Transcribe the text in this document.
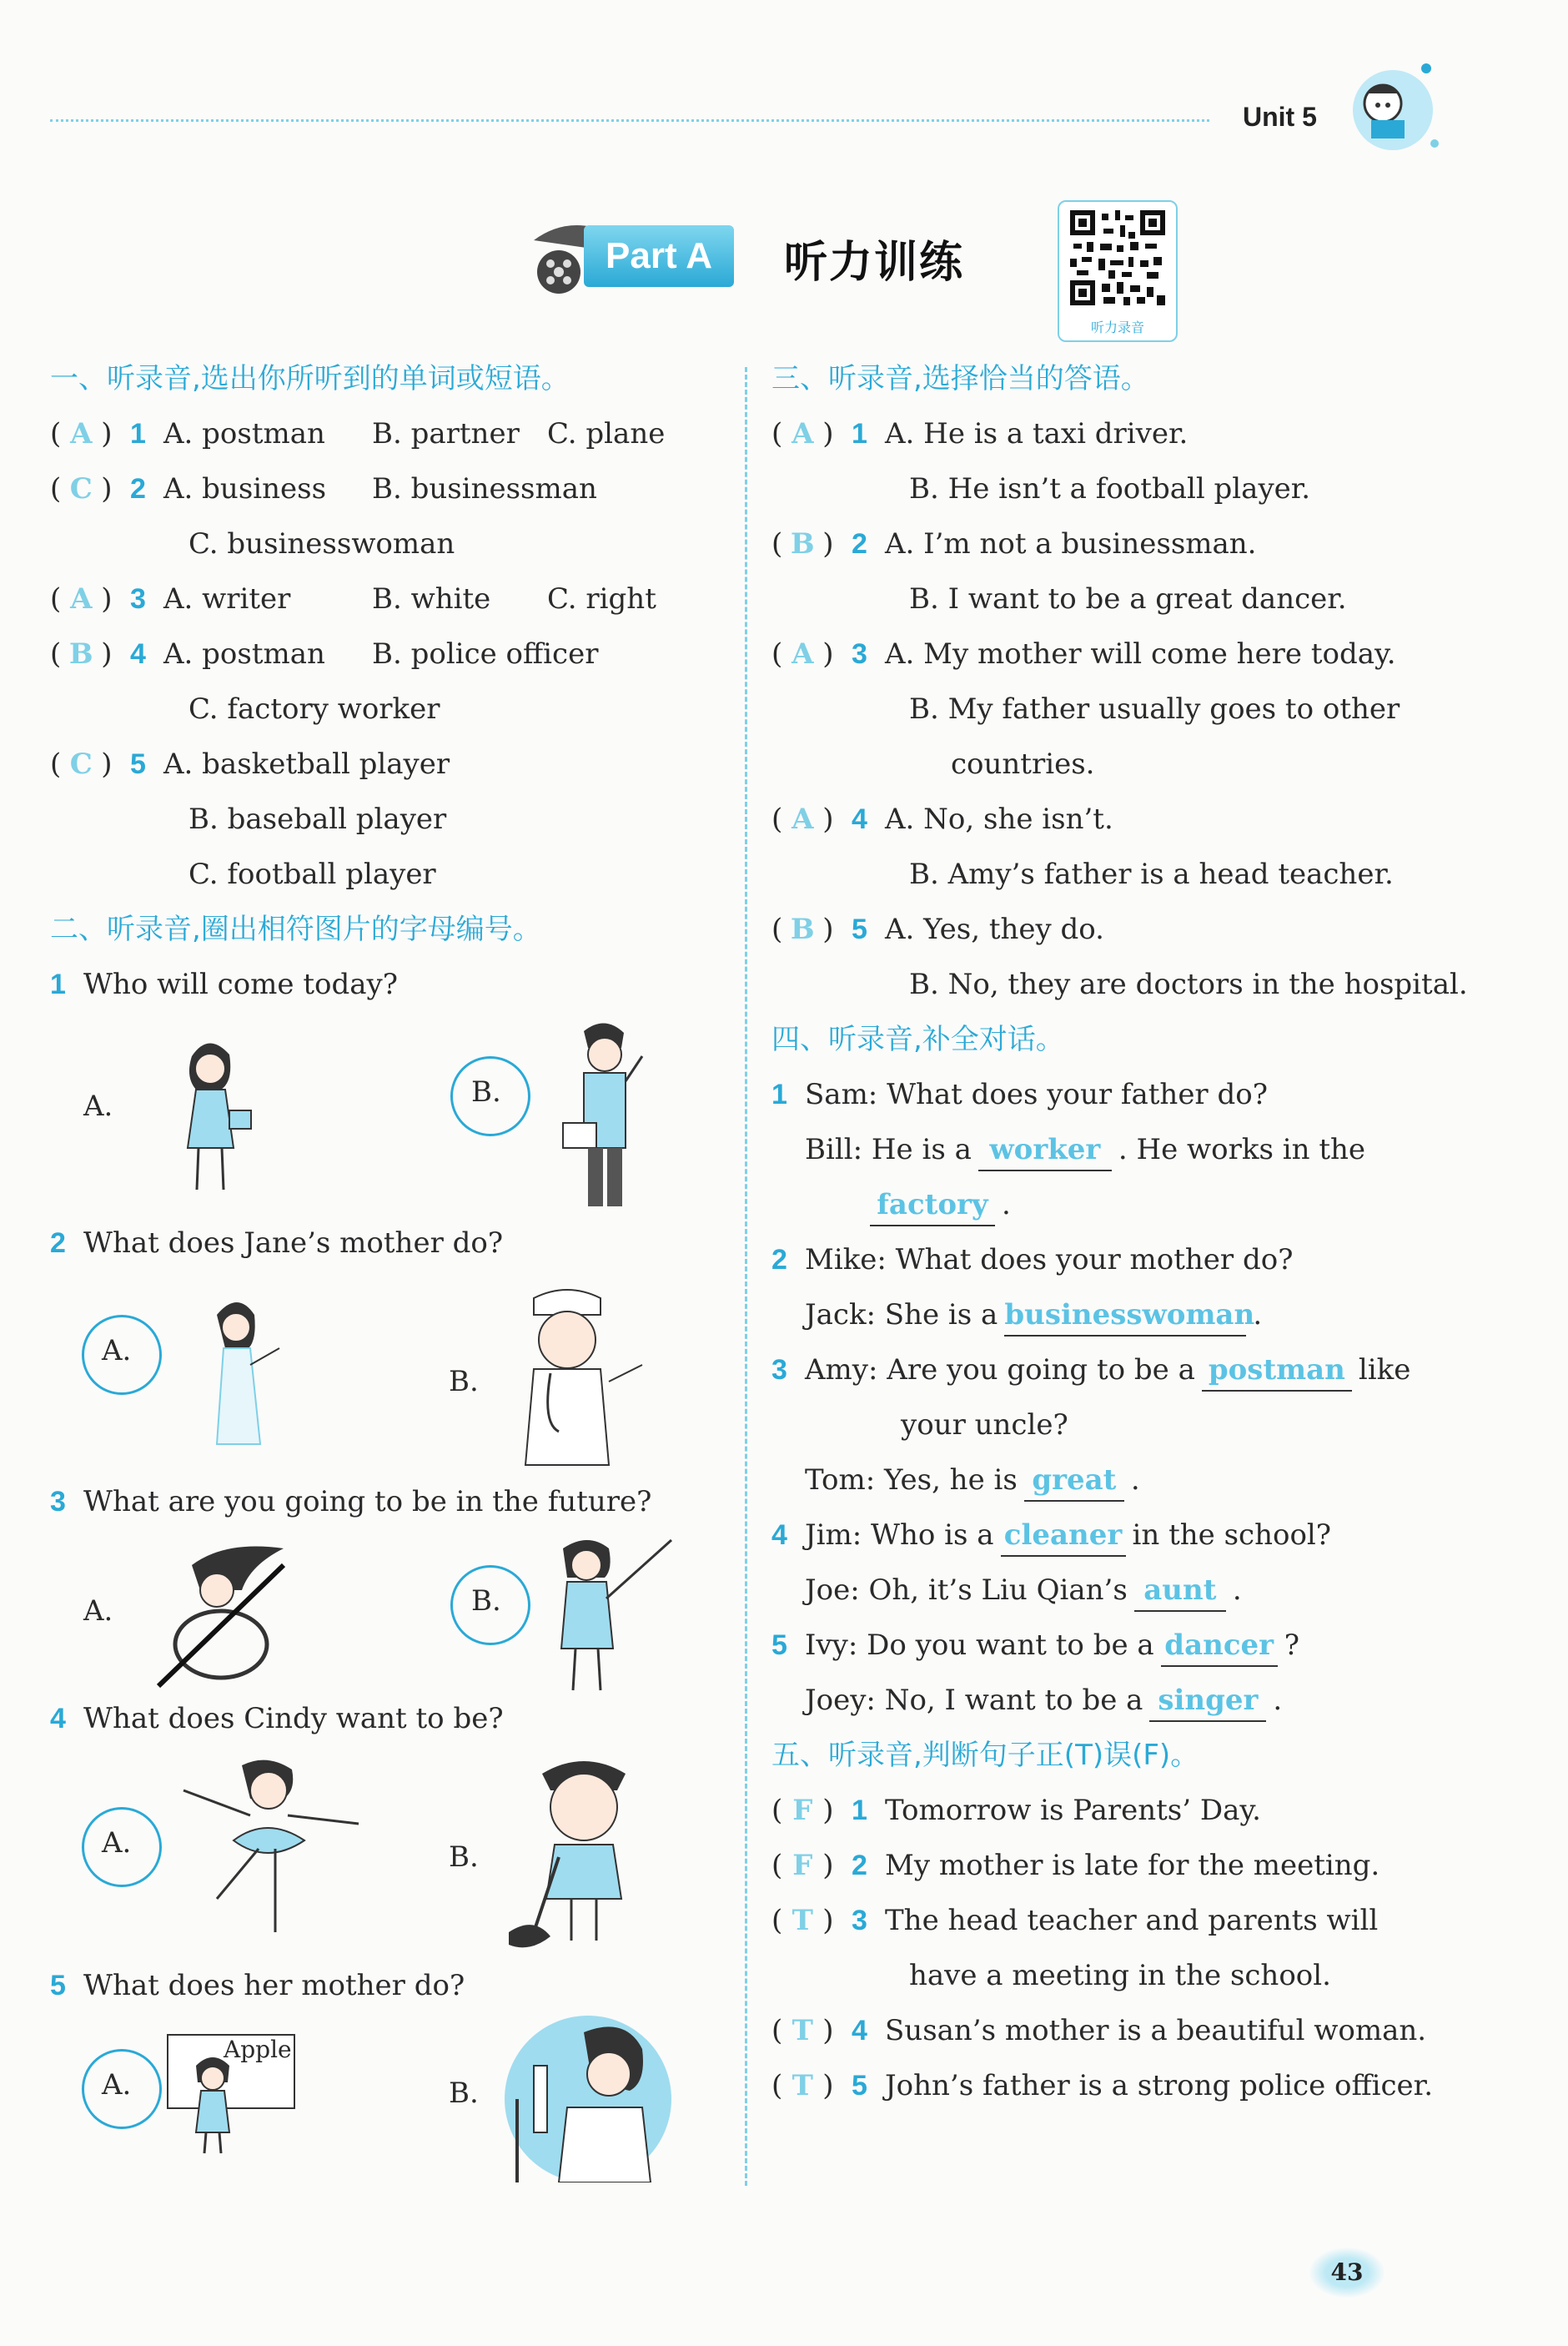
Unit 5
Part A	听力训练
听力录音
一、听录音,选出你所听到的单词或短语。
( A ) 1 A. postman	B. partner C. plane
( C ) 2 A. business	B. businessman
C. businesswoman
( A ) 3 A. writer	B. white	C. right
( B ) 4 A. postman	B. police officer
C. factory worker
( C ) 5 A. basketball player
B. baseball player
C. football player
二、听录音,圈出相符图片的字母编号。
1 Who will come today?
A.	B.
2 What does Jane’s mother do?
A.
B.
3 What are you going to be in the future?
A.	B.
4 What does Cindy want to be?
A.	B.
5 What does her mother do?
A.
Apple
B.
三、听录音,选择恰当的答语。
( A ) 1 A. He is a taxi driver.
B. He isn’t a football player.
( B ) 2 A. I’m not a businessman.
B. I want to be a great dancer.
( A ) 3 A. My mother will come here today.
B. My father usually goes to other
countries.
( A ) 4 A. No, she isn’t.
B. Amy’s father is a head teacher.
( B ) 5 A. Yes, they do.
B. No, they are doctors in the hospital.
四、听录音,补全对话。
1 Sam: What does your father do?
Bill: He is a worker . He works in the
factory .
2 Mike: What does your mother do?
Jack: She is a businesswoman
.
3 Amy: Are you going to be a postman like
your uncle?
Tom: Yes, he is great .
4 Jim: Who is a cleaner in the school?
Joe: Oh, it’s Liu Qian’s aunt .
5 Ivy: Do you want to be a dancer ?
Joey: No, I want to be a singer .
五、听录音,判断句子正(T)误(F)。
( F ) 1 Tomorrow is Parents’ Day.
( F ) 2 My mother is late for the meeting.
( T ) 3 The head teacher and parents will
have a meeting in the school.
( T ) 4 Susan’s mother is a beautiful woman.
( T ) 5 John’s father is a strong police officer.
43
